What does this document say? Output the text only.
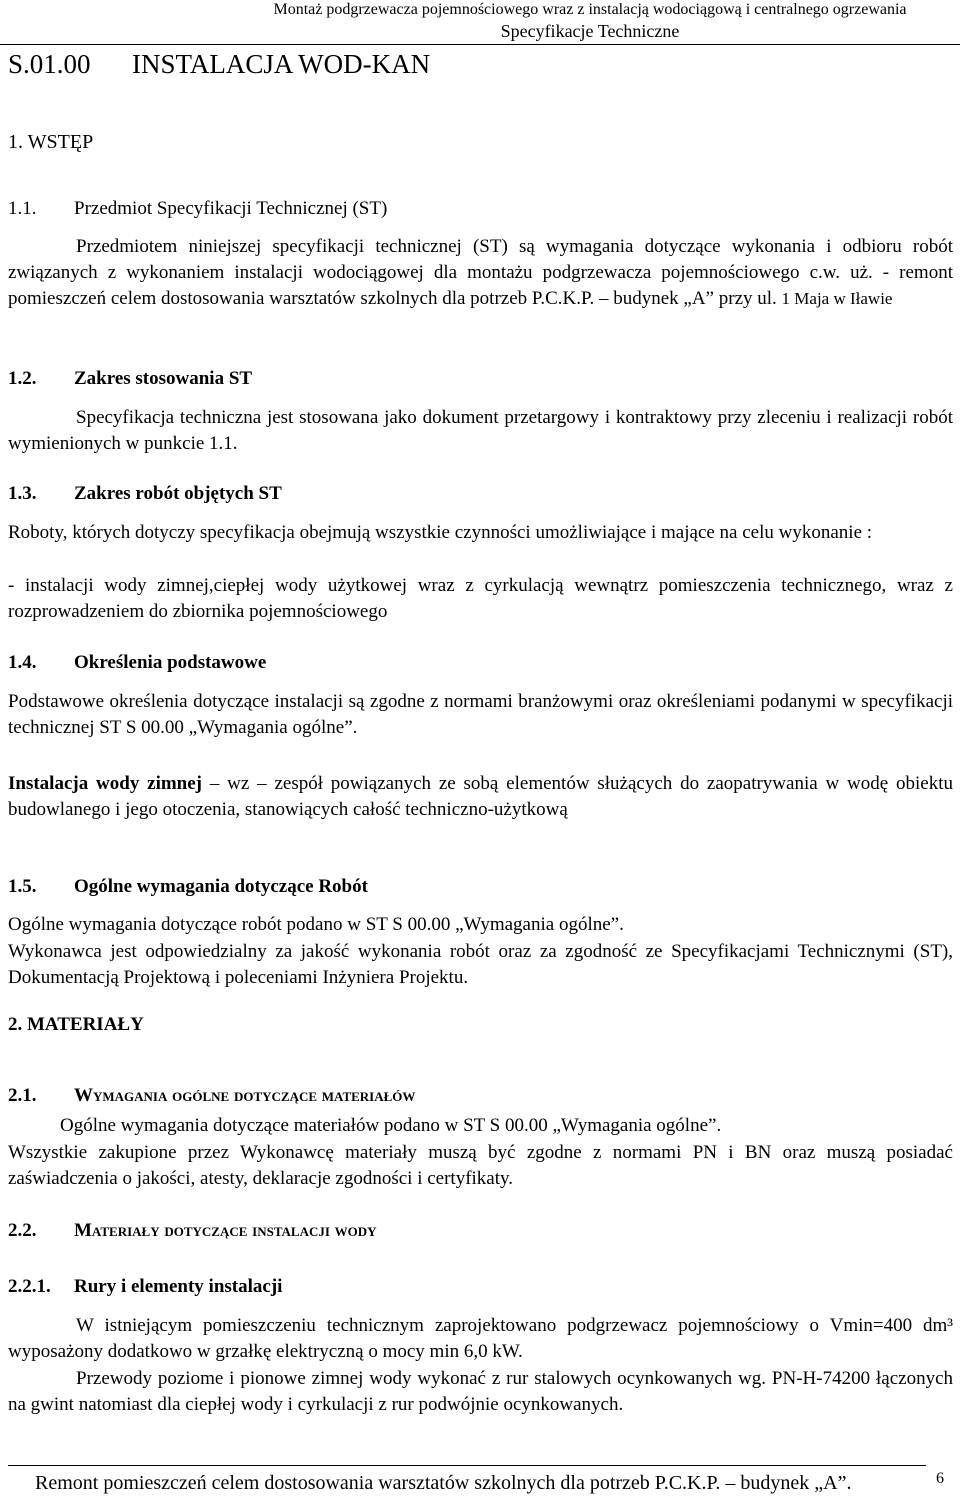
Montaż podgrzewacza pojemnościowego wraz z instalacją wodociągową i centralnego ogrzewania
Specyfikacje Techniczne
S.01.00 INSTALACJA WOD-KAN
1. WSTĘP
1.1. Przedmiot Specyfikacji Technicznej (ST)
Przedmiotem niniejszej specyfikacji technicznej (ST) są wymagania dotyczące wykonania i odbioru robót związanych z wykonaniem instalacji wodociągowej dla montażu podgrzewacza pojemnościowego c.w. uż. - remont pomieszczeń celem dostosowania warsztatów szkolnych dla potrzeb P.C.K.P. – budynek „A” przy ul. 1 Maja w Iławie
1.2. Zakres stosowania ST
Specyfikacja techniczna jest stosowana jako dokument przetargowy i kontraktowy przy zleceniu i realizacji robót wymienionych w punkcie 1.1.
1.3. Zakres robót objętych ST
Roboty, których dotyczy specyfikacja obejmują wszystkie czynności umożliwiające i mające na celu wykonanie :
- instalacji wody zimnej,ciepłej wody użytkowej wraz z cyrkulacją wewnątrz pomieszczenia technicznego, wraz z rozprowadzeniem do zbiornika pojemnościowego
1.4. Określenia podstawowe
Podstawowe określenia dotyczące instalacji są zgodne z normami branżowymi oraz określeniami podanymi w specyfikacji technicznej ST S 00.00 „Wymagania ogólne”.
Instalacja wody zimnej – wz – zespół powiązanych ze sobą elementów służących do zaopatrywania w wodę obiektu budowlanego i jego otoczenia, stanowiących całość techniczno-użytkową
1.5. Ogólne wymagania dotyczące Robót
Ogólne wymagania dotyczące robót podano w ST S 00.00 „Wymagania ogólne”.
Wykonawca jest odpowiedzialny za jakość wykonania robót oraz za zgodność ze Specyfikacjami Technicznymi (ST), Dokumentacją Projektową i poleceniami Inżyniera Projektu.
2. MATERIAŁY
2.1. Wymagania ogólne dotyczące materiałów
Ogólne wymagania dotyczące materiałów podano w ST S 00.00 „Wymagania ogólne”.
Wszystkie zakupione przez Wykonawcę materiały muszą być zgodne z normami PN i BN oraz muszą posiadać zaświadczenia o jakości, atesty, deklaracje zgodności i certyfikaty.
2.2. Materiały dotyczące instalacji wody
2.2.1. Rury i elementy instalacji
W istniejącym pomieszczeniu technicznym zaprojektowano podgrzewacz pojemnościowy o Vmin=400 dm³ wyposażony dodatkowo w grzałkę elektryczną o mocy min 6,0 kW.
Przewody poziome i pionowe zimnej wody wykonać z rur stalowych ocynkowanych wg. PN-H-74200 łączonych na gwint natomiast dla ciepłej wody i cyrkulacji z rur podwójnie ocynkowanych.
Remont pomieszczeń celem dostosowania warsztatów szkolnych dla potrzeb P.C.K.P. – budynek „A”.	6
